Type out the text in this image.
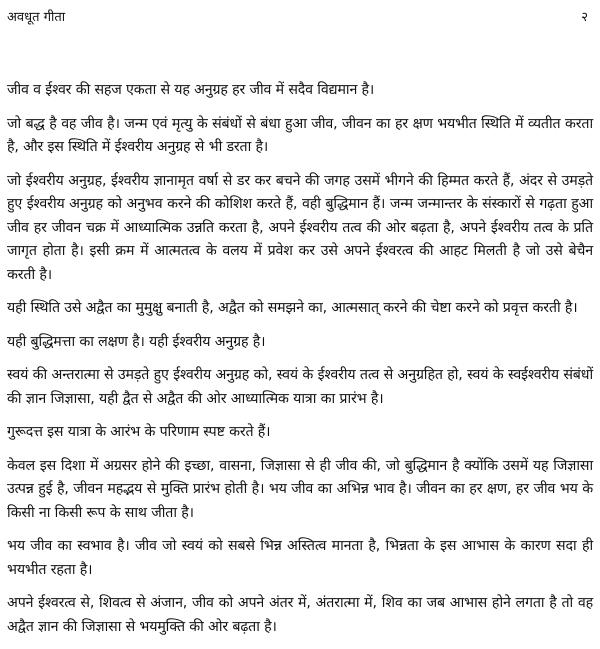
अवधूत गीता	२

जीव व ईश्वर की सहज एकता से यह अनुग्रह हर जीव में सदैव विद्यमान है।

जो बद्ध है वह जीव है। जन्म एवं मृत्यु के संबंधों से बंधा हुआ जीव, जीवन का हर क्षण भयभीत स्थिति में व्यतीत करता है, और इस स्थिति में ईश्वरीय अनुग्रह से भी डरता है।

जो ईश्वरीय अनुग्रह, ईश्वरीय ज्ञानामृत वर्षा से डर कर बचने की जगह उसमें भीगने की हिम्मत करते हैं, अंदर से उमड़ते हुए ईश्वरीय अनुग्रह को अनुभव करने की कोशिश करते हैं, वही बुद्धिमान हैं। जन्म जन्मान्तर के संस्कारों से गढ़ता हुआ जीव हर जीवन चक्र में आध्यात्मिक उन्नति करता है, अपने ईश्वरीय तत्व की ओर बढ़ता है, अपने ईश्वरीय तत्व के प्रति जागृत होता है। इसी क्रम में आत्मतत्व के वलय में प्रवेश कर उसे अपने ईश्वरत्व की आहट मिलती है जो उसे बेचैन करती है।

यही स्थिति उसे अद्वैत का मुमुक्षु बनाती है, अद्वैत को समझने का, आत्मसात् करने की चेष्टा करने को प्रवृत्त करती है।

यही बुद्धिमत्ता का लक्षण है। यही ईश्वरीय अनुग्रह है।

स्वयं की अन्तरात्मा से उमड़ते हुए ईश्वरीय अनुग्रह को, स्वयं के ईश्वरीय तत्व से अनुग्रहित हो, स्वयं के स्वईश्वरीय संबंधों की ज्ञान जिज्ञासा, यही द्वैत से अद्वैत की ओर आध्यात्मिक यात्रा का प्रारंभ है।

गुरूदत्त इस यात्रा के आरंभ के परिणाम स्पष्ट करते हैं।

केवल इस दिशा में अग्रसर होने की इच्छा, वासना, जिज्ञासा से ही जीव की, जो बुद्धिमान है क्योंकि उसमें यह जिज्ञासा उत्पन्न हुई है, जीवन महद्भय से मुक्ति प्रारंभ होती है। भय जीव का अभिन्न भाव है। जीवन का हर क्षण, हर जीव भय के किसी ना किसी रूप के साथ जीता है।

भय जीव का स्वभाव है। जीव जो स्वयं को सबसे भिन्न अस्तित्व मानता है, भिन्नता के इस आभास के कारण सदा ही भयभीत रहता है।

अपने ईश्वरत्व से, शिवत्व से अंजान, जीव को अपने अंतर में, अंतरात्मा में, शिव का जब आभास होने लगता है तो वह अद्वैत ज्ञान की जिज्ञासा से भयमुक्ति की ओर बढ़ता है।
